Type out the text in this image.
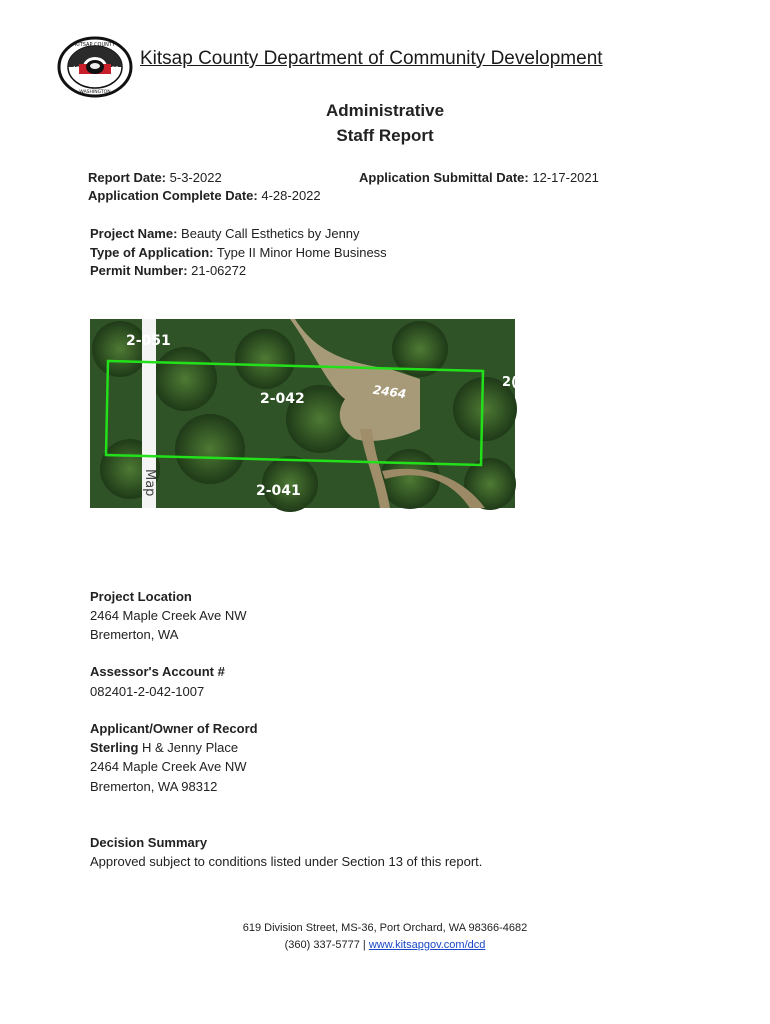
KITSAP COUNTY
WASHINGTON
18	57 Kitsap County Department of Community Development
Administrative
Staff Report
Report Date: 5-3-2022	Application Submittal Date: 12-17-2021
Application Complete Date: 4-28-2022
Project Name: Beauty Call Esthetics by Jenny
Type of Application: Type II Minor Home Business
Permit Number: 21-06272
2-051
2-042	2464
2(
2-041
Map
Project Location
2464 Maple Creek Ave NW
Bremerton, WA
Assessor's Account #
082401-2-042-1007
Applicant/Owner of Record
Sterling H & Jenny Place
2464 Maple Creek Ave NW
Bremerton, WA 98312
Decision Summary
Approved subject to conditions listed under Section 13 of this report.
619 Division Street, MS-36, Port Orchard, WA 98366-4682
(360) 337-5777 | www.kitsapgov.com/dcd
